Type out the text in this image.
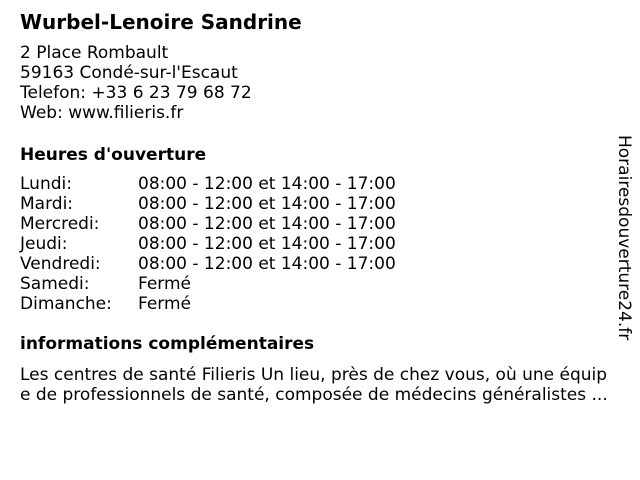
Wurbel-Lenoire Sandrine
2 Place Rombault
59163 Condé-sur-l'Escaut
Telefon: +33 6 23 79 68 72
Web: www.filieris.fr
Heures d'ouverture
Lundi:	08:00 - 12:00 et 14:00 - 17:00
Mardi:	08:00 - 12:00 et 14:00 - 17:00
Mercredi:	08:00 - 12:00 et 14:00 - 17:00
Jeudi:	08:00 - 12:00 et 14:00 - 17:00
Vendredi:	08:00 - 12:00 et 14:00 - 17:00
Samedi:	Fermé
Dimanche:	Fermé
informations complémentaires
Les centres de santé Filieris Un lieu, près de chez vous, où une équip
e de professionnels de santé, composée de médecins généralistes ...
Horairesdouverture24.fr
